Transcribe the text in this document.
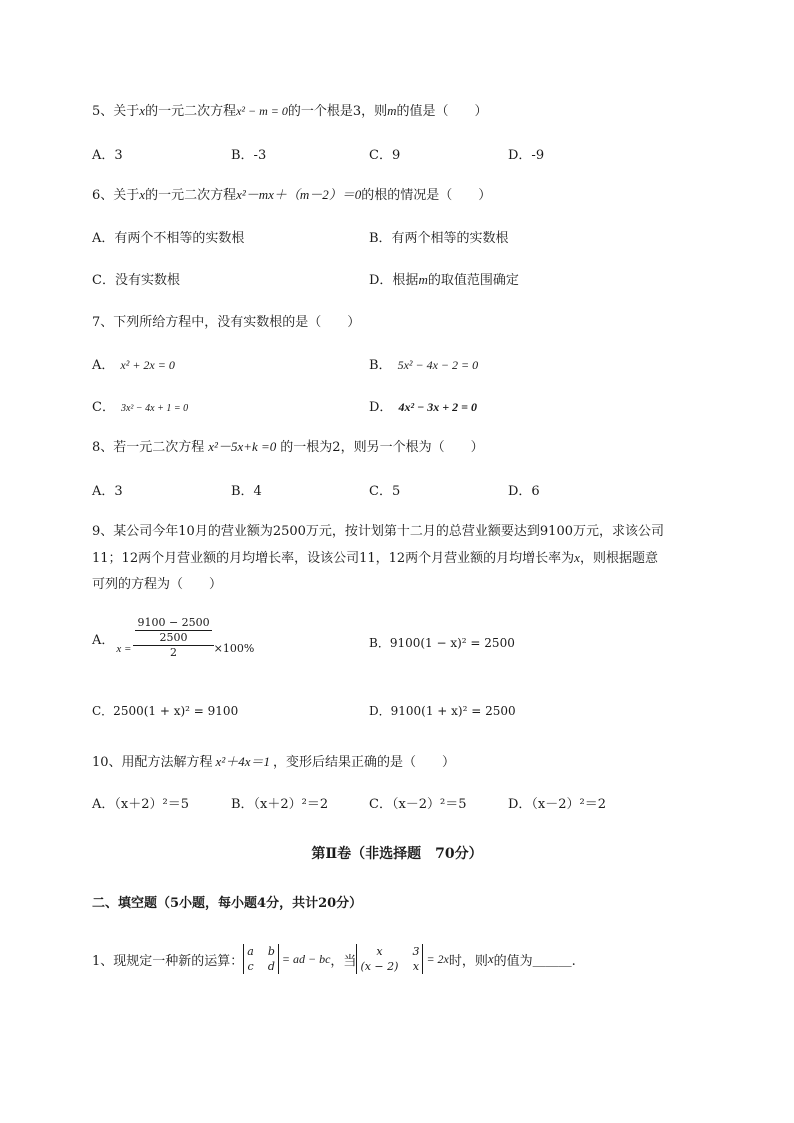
5、关于x的一元二次方程x² − m = 0的一个根是3，则m的值是（　　）
A．3	B．-3	C．9	D．-9
6、关于x的一元二次方程x²－mx＋（m－2）＝0的根的情况是（　　）
A．有两个不相等的实数根	B．有两个相等的实数根
C．没有实数根	D．根据m的取值范围确定
7、下列所给方程中，没有实数根的是（　　）
A． x² + 2x = 0	B． 5x² − 4x − 2 = 0
C． 3x² − 4x + 1 = 0	D． 4x² − 3x + 2 = 0
8、若一元二次方程 x²－5x+k =0 的一根为2，则另一个根为（　　）
A．3	B．4	C．5	D．6
9、某公司今年10月的营业额为2500万元，按计划第十二月的总营业额要达到9100万元，求该公司
11；12两个月营业额的月均增长率，设该公司11，12两个月营业额的月均增长率为x，则根据题意
可列的方程为（　　）
A．
$x = \frac{\frac{9100 - 2500}{2500}}{2} \times 100\%$	B．9100(1 − x)² = 2500
C．2500(1 + x)² = 9100	D．9100(1 + x)² = 2500
10、用配方法解方程 x²＋4x＝1 ，变形后结果正确的是（　　）
A．（x＋2）²＝5	B．（x＋2）²＝2	C．（x－2）²＝5	D．（x－2）²＝2
第Ⅱ卷（非选择题　70分）
二、填空题（5小题，每小题4分，共计20分）
1、现规定一种新的运算：
a b
c d
= ad − bc ，当
x	3
(x − 2) x
= 2x 时，则 x 的值为＿＿＿.
